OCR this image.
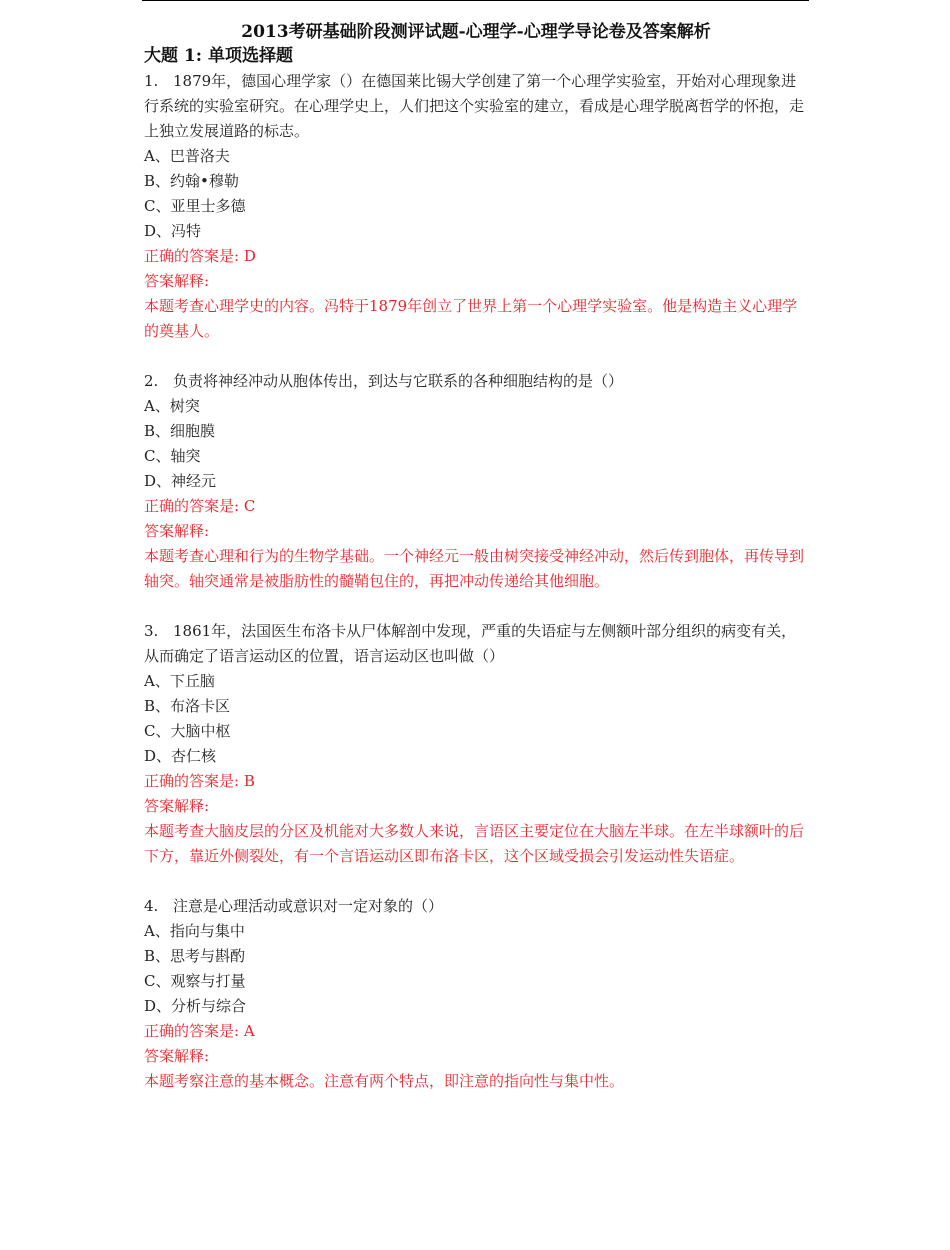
2013考研基础阶段测评试题-心理学-心理学导论卷及答案解析
大题 1: 单项选择题

1. 1879年，德国心理学家（）在德国莱比锡大学创建了第一个心理学实验室，开始对心理现象进行系统的实验室研究。在心理学史上，人们把这个实验室的建立，看成是心理学脱离哲学的怀抱，走上独立发展道路的标志。

A、巴普洛夫

B、约翰•穆勒

C、亚里士多德

D、冯特

正确的答案是: D

答案解释:

本题考查心理学史的内容。冯特于1879年创立了世界上第一个心理学实验室。他是构造主义心理学的奠基人。

2. 负责将神经冲动从胞体传出，到达与它联系的各种细胞结构的是（）

A、树突

B、细胞膜

C、轴突

D、神经元

正确的答案是: C

答案解释:

本题考查心理和行为的生物学基础。一个神经元一般由树突接受神经冲动，然后传到胞体，再传导到轴突。轴突通常是被脂肪性的髓鞘包住的，再把冲动传递给其他细胞。

3. 1861年，法国医生布洛卡从尸体解剖中发现，严重的失语症与左侧额叶部分组织的病变有关，从而确定了语言运动区的位置，语言运动区也叫做（）

A、下丘脑

B、布洛卡区

C、大脑中枢

D、杏仁核

正确的答案是: B

答案解释:

本题考查大脑皮层的分区及机能对大多数人来说，言语区主要定位在大脑左半球。在左半球额叶的后下方，靠近外侧裂处，有一个言语运动区即布洛卡区，这个区域受损会引发运动性失语症。

4. 注意是心理活动或意识对一定对象的（）

A、指向与集中

B、思考与斟酌

C、观察与打量

D、分析与综合

正确的答案是: A

答案解释:

本题考察注意的基本概念。注意有两个特点，即注意的指向性与集中性。
